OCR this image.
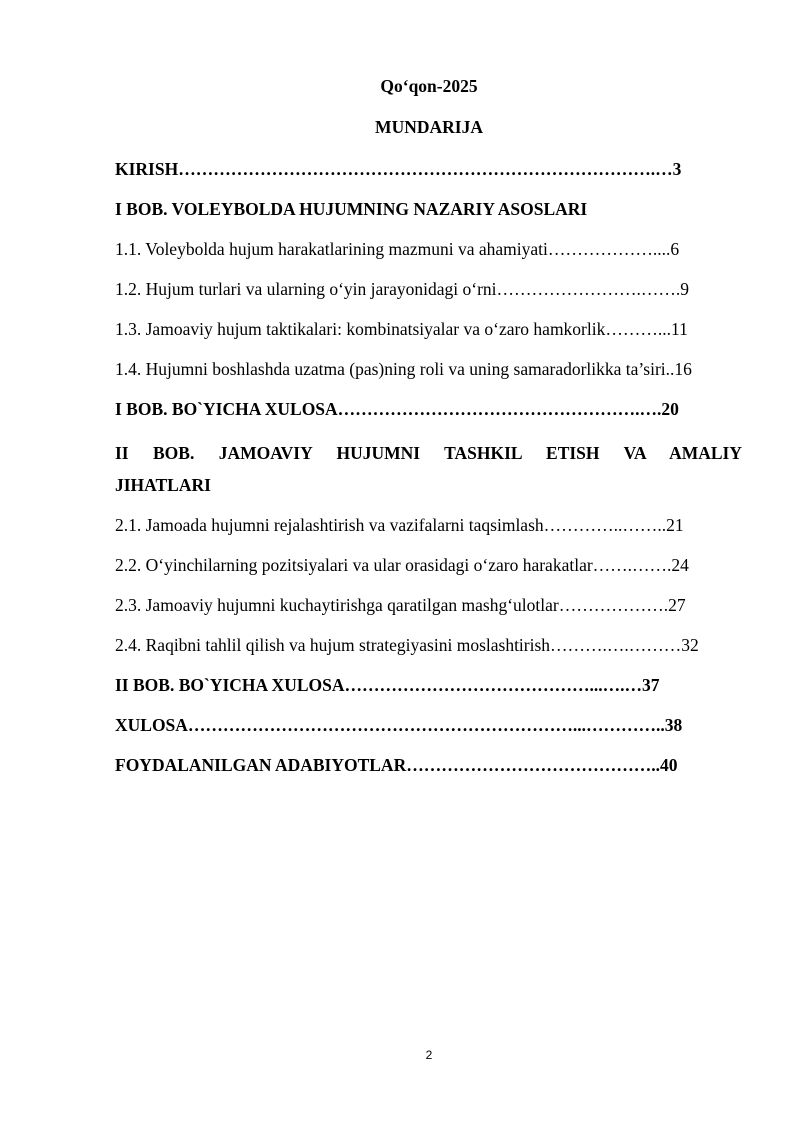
Qo‘qon-2025
MUNDARIJA
KIRISH……………………………………………………………………….…3
I BOB. VOLEYBOLDA HUJUMNING NAZARIY ASOSLARI
1.1. Voleybolda hujum harakatlarining mazmuni va ahamiyati………………....6
1.2. Hujum turlari va ularning o‘yin jarayonidagi o‘rni…………………….…….9
1.3. Jamoaviy hujum taktikalari: kombinatsiyalar va o‘zaro hamkorlik………...11
1.4. Hujumni boshlashda uzatma (pas)ning roli va uning samaradorlikka ta’siri..16
I BOB. BO`YICHA XULOSA…………………………………………….….20
II BOB. JAMOAVIY HUJUMNI TASHKIL ETISH VA AMALIY
JIHATLARI
2.1. Jamoada hujumni rejalashtirish va vazifalarni taqsimlash…………..……..21
2.2. O‘yinchilarning pozitsiyalari va ular orasidagi o‘zaro harakatlar…….…….24
2.3. Jamoaviy hujumni kuchaytirishga qaratilgan mashg‘ulotlar……………….27
2.4. Raqibni tahlil qilish va hujum strategiyasini moslashtirish……….….………32
II BOB. BO`YICHA XULOSA……………………………………...….…37
XULOSA…………………………………………………………...…………..38
FOYDALANILGAN ADABIYOTLAR……………………………………..40
2
